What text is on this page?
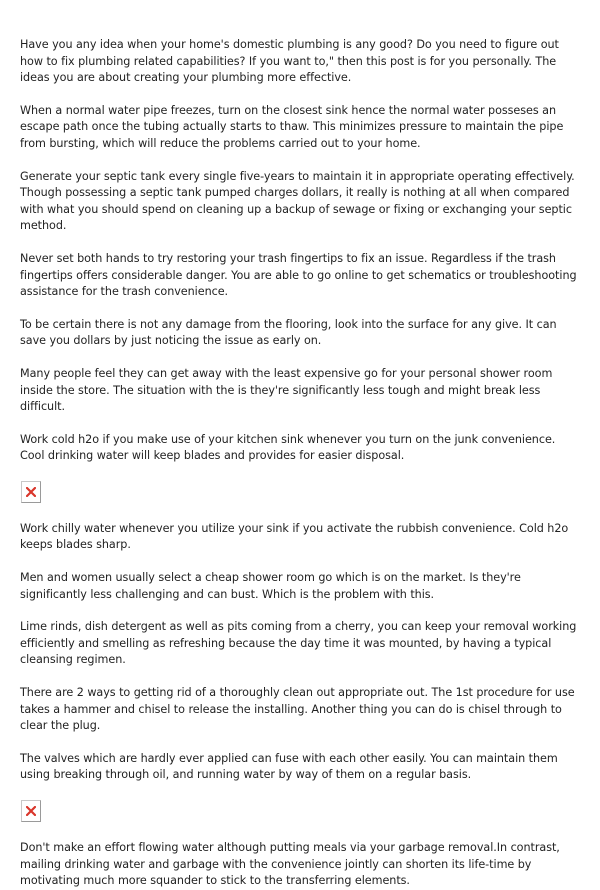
Have you any idea when your home's domestic plumbing is any good? Do you need to figure out how to fix plumbing related capabilities? If you want to," then this post is for you personally. The ideas you are about creating your plumbing more effective.

When a normal water pipe freezes, turn on the closest sink hence the normal water posseses an escape path once the tubing actually starts to thaw. This minimizes pressure to maintain the pipe from bursting, which will reduce the problems carried out to your home.

Generate your septic tank every single five-years to maintain it in appropriate operating effectively. Though possessing a septic tank pumped charges dollars, it really is nothing at all when compared with what you should spend on cleaning up a backup of sewage or fixing or exchanging your septic method.

Never set both hands to try restoring your trash fingertips to fix an issue. Regardless if the trash fingertips offers considerable danger. You are able to go online to get schematics or troubleshooting assistance for the trash convenience.

To be certain there is not any damage from the flooring, look into the surface for any give. It can save you dollars by just noticing the issue as early on.

Many people feel they can get away with the least expensive go for your personal shower room inside the store. The situation with the is they're significantly less tough and might break less difficult.

Work cold h2o if you make use of your kitchen sink whenever you turn on the junk convenience. Cool drinking water will keep blades and provides for easier disposal.

Work chilly water whenever you utilize your sink if you activate the rubbish convenience. Cold h2o keeps blades sharp.

Men and women usually select a cheap shower room go which is on the market. Is they're significantly less challenging and can bust. Which is the problem with this.

Lime rinds, dish detergent as well as pits coming from a cherry, you can keep your removal working efficiently and smelling as refreshing because the day time it was mounted, by having a typical cleansing regimen.

There are 2 ways to getting rid of a thoroughly clean out appropriate out. The 1st procedure for use takes a hammer and chisel to release the installing. Another thing you can do is chisel through to clear the plug.

The valves which are hardly ever applied can fuse with each other easily. You can maintain them using breaking through oil, and running water by way of them on a regular basis.

Don't make an effort flowing water although putting meals via your garbage removal.In contrast, mailing drinking water and garbage with the convenience jointly can shorten its life-time by motivating much more squander to stick to the transferring elements.
